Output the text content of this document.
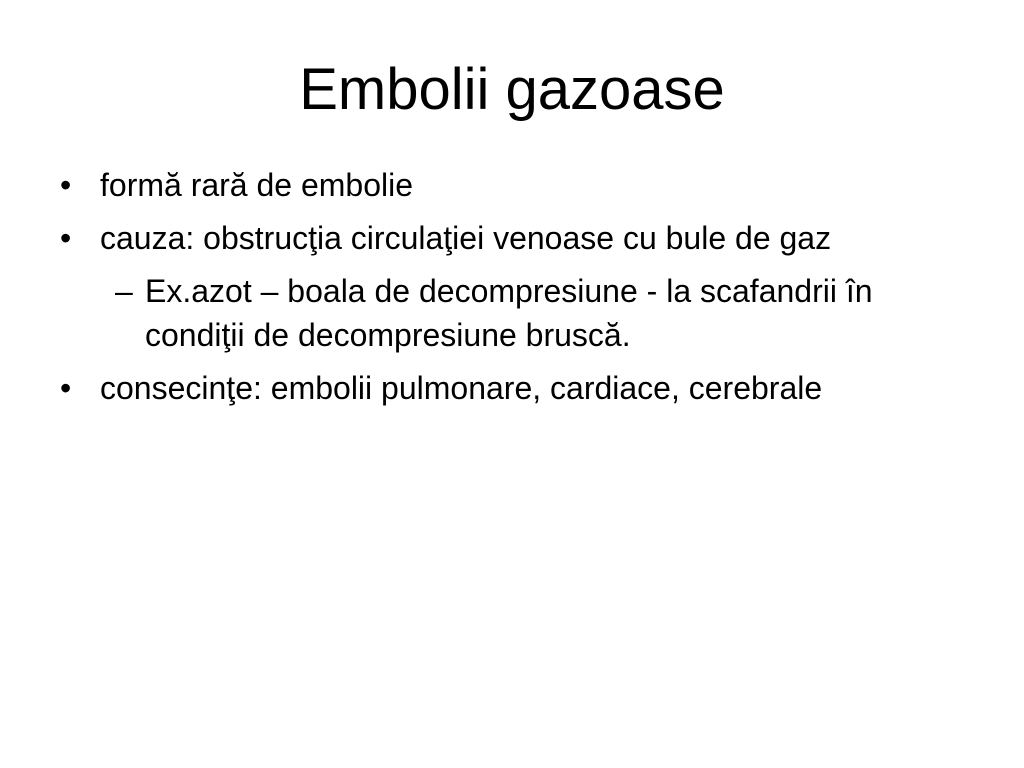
Embolii gazoase
• formă rară de embolie
• cauza: obstrucţia circulaţiei venoase cu bule de gaz
– Ex.azot – boala de decompresiune - la scafandrii în condiţii de decompresiune bruscă.
• consecinţe: embolii pulmonare, cardiace, cerebrale
